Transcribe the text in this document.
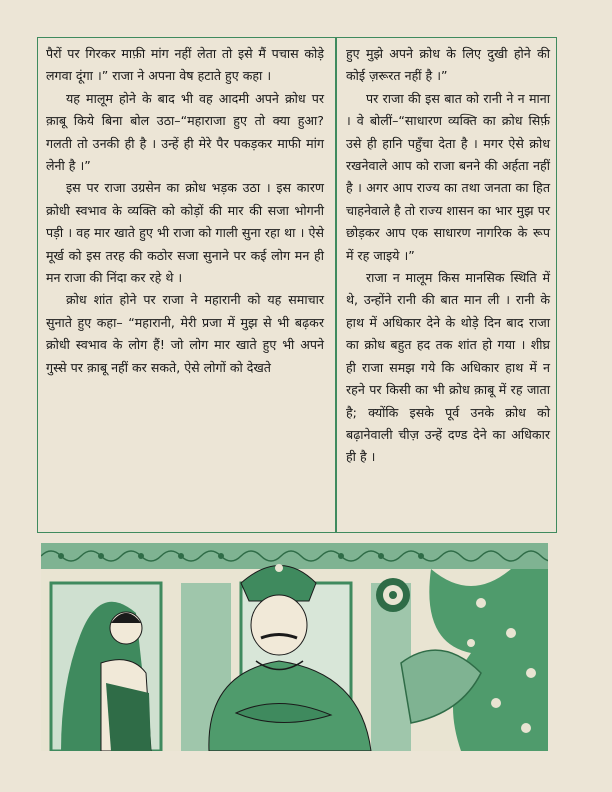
पैरों पर गिरकर माफ़ी मांग नहीं लेता तो इसे मैं पचास कोड़े लगवा दूंगा ।” राजा ने अपना वेष हटाते हुए कहा ।

यह मालूम होने के बाद भी वह आदमी अपने क्रोध पर क़ाबू किये बिना बोल उठा–“महाराजा हुए तो क्या हुआ? गलती तो उनकी ही है । उन्हें ही मेरे पैर पकड़कर माफी मांग लेनी है ।”

इस पर राजा उग्रसेन का क्रोध भड़क उठा । इस कारण क्रोधी स्वभाव के व्यक्ति को कोड़ों की मार की सजा भोगनी पड़ी । वह मार खाते हुए भी राजा को गाली सुना रहा था । ऐसे मूर्ख को इस तरह की कठोर सजा सुनाने पर कई लोग मन ही मन राजा की निंदा कर रहे थे ।

क्रोध शांत होने पर राजा ने महारानी को यह समाचार सुनाते हुए कहा– “महारानी, मेरी प्रजा में मुझ से भी बढ़कर क्रोधी स्वभाव के लोग हैं! जो लोग मार खाते हुए भी अपने गुस्से पर क़ाबू नहीं कर सकते, ऐसे लोगों को देखते

हुए मुझे अपने क्रोध के लिए दुखी होने की कोई ज़रूरत नहीं है ।”

पर राजा की इस बात को रानी ने न माना । वे बोलीं–“साधारण व्यक्ति का क्रोध सिर्फ़ उसे ही हानि पहुँचा देता है । मगर ऐसे क्रोध रखनेवाले आप को राजा बनने की अर्हता नहीं है । अगर आप राज्य का तथा जनता का हित चाहनेवाले है तो राज्य शासन का भार मुझ पर छोड़कर आप एक साधारण नागरिक के रूप में रह जाइये ।”

राजा न मालूम किस मानसिक स्थिति में थे, उन्होंने रानी की बात मान ली । रानी के हाथ में अधिकार देने के थोड़े दिन बाद राजा का क्रोध बहुत हद तक शांत हो गया । शीघ्र ही राजा समझ गये कि अधिकार हाथ में न रहने पर किसी का भी क्रोध क़ाबू में रह जाता है; क्योंकि इसके पूर्व उनके क्रोध को बढ़ानेवाली चीज़ उन्हें दण्ड देने का अधिकार ही है ।
